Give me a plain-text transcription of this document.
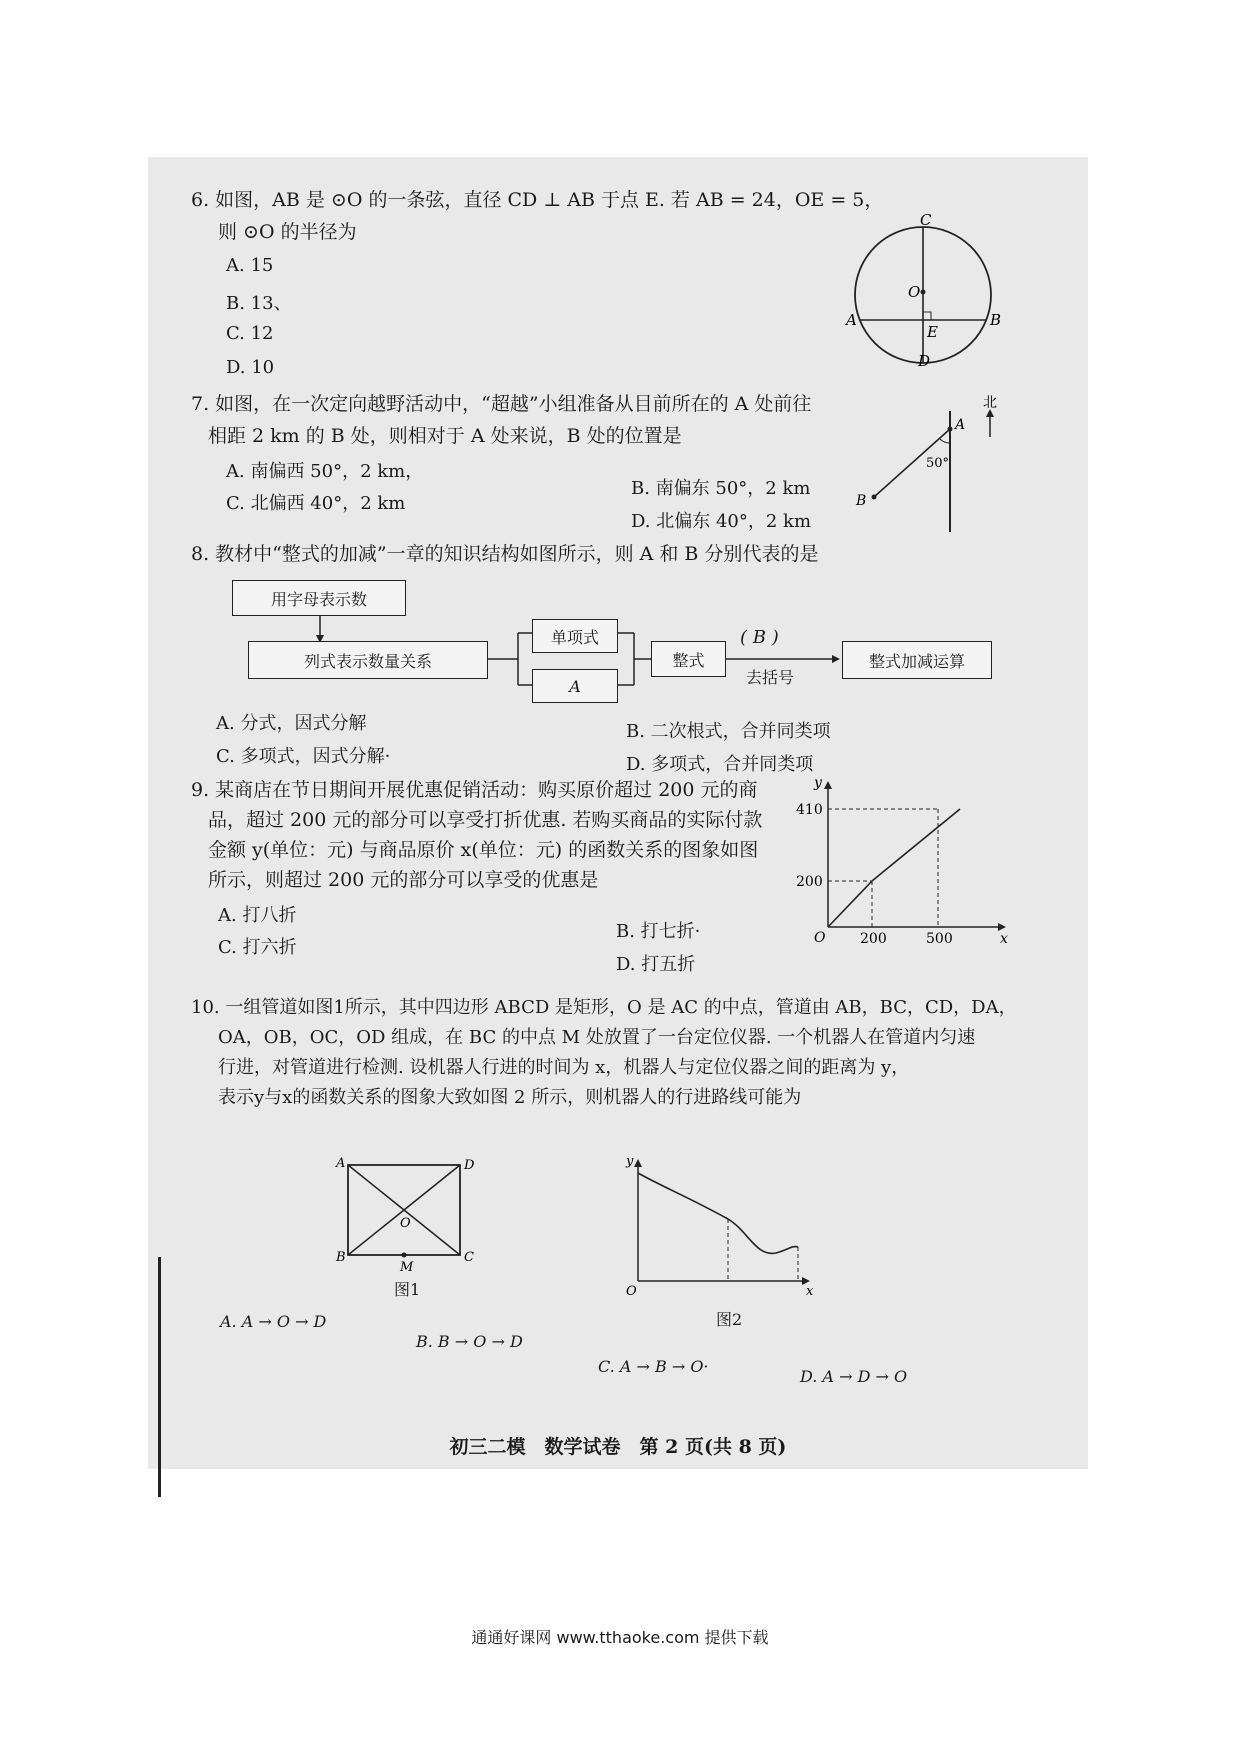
6. 如图，AB 是 ⊙O 的一条弦，直径 CD ⊥ AB 于点 E. 若 AB = 24，OE = 5，
则 ⊙O 的半径为
A. 15
B. 13、
C. 12
D. 10
C
O
A
E
B
D
7. 如图，在一次定向越野活动中，“超越”小组准备从目前所在的 A 处前往
相距 2 km 的 B 处，则相对于 A 处来说，B 处的位置是
A. 南偏西 50°，2 km，
B. 南偏东 50°，2 km
C. 北偏西 40°，2 km
D. 北偏东 40°，2 km
A
50°
B
北
8. 教材中“整式的加减”一章的知识结构如图所示，则 A 和 B 分别代表的是
用字母表示数
列式表示数量关系
单项式
A
整式
( B )
去括号
整式加减运算
A. 分式，因式分解	B. 二次根式，合并同类项
C. 多项式，因式分解·	D. 多项式，合并同类项
9. 某商店在节日期间开展优惠促销活动：购买原价超过 200 元的商
品，超过 200 元的部分可以享受打折优惠. 若购买商品的实际付款
金额 y(单位：元) 与商品原价 x(单位：元) 的函数关系的图象如图
所示，则超过 200 元的部分可以享受的优惠是
A. 打八折
B. 打七折·
C. 打六折
D. 打五折
y
x
O
410
200
200	500
10. 一组管道如图1所示，其中四边形 ABCD 是矩形，O 是 AC 的中点，管道由 AB，BC，CD，DA，
OA，OB，OC，OD 组成，在 BC 的中点 M 处放置了一台定位仪器. 一个机器人在管道内匀速
行进，对管道进行检测. 设机器人行进的时间为 x，机器人与定位仪器之间的距离为 y，
表示y与x的函数关系的图象大致如图 2 所示，则机器人的行进路线可能为
A	D
B	C
O
M
图1
y
x
O
图2
A. A → O → D
B. B → O → D
C. A → B → O·
D. A → D → O
初三二模　数学试卷　第 2 页(共 8 页)
通通好课网 www.tthaoke.com 提供下载
